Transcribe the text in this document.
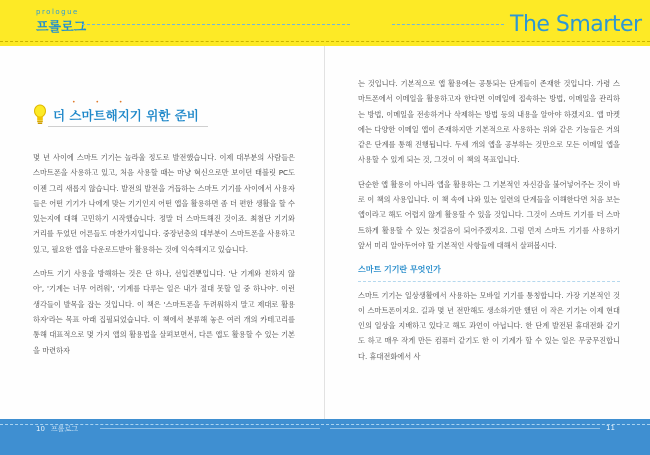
prologue
프롤로그	The Smarter
• • •
더 스마트해지기 위한 준비

몇 년 사이에 스마트 기기는 놀라울 정도로 발전했습니다. 이제 대부분의 사람들은 스마트폰을 사용하고 있고, 처음 사용할 때는 마냥 혁신으로만 보이던 태블릿 PC도 이젠 그리 새롭지 않습니다. 발전의 발전을 거듭하는 스마트 기기를 사이에서 사용자들은 어떤 기기가 나에게 맞는 기기인지 어떤 앱을 활용하면 좀 더 편한 생활을 할 수 있는지에 대해 고민하기 시작했습니다. 정말 더 스마트해진 것이죠. 최첨단 기기와 거리를 두었던 어른들도 마찬가지입니다. 중장년층의 대부분이 스마트폰을 사용하고 있고, 필요한 앱을 다운로드받아 활용하는 것에 익숙해지고 있습니다.

스마트 기기 사용을 방해하는 것은 단 하나, 선입견뿐입니다. '난 기계와 친하지 않아', '기계는 너무 어려워', '기계를 다루는 일은 내가 절대 못할 일 중 하나야'. 이런 생각들이 발목을 잡는 것입니다. 이 책은 '스마트폰을 두려워하지 말고 제대로 활용하자'라는 목표 아래 집필되었습니다. 이 책에서 분류해 놓은 여러 개의 카테고리를 통해 대표적으로 몇 가지 앱의 활용법을 살펴보면서, 다른 앱도 활용할 수 있는 기본을 마련하자

는 것입니다. 기본적으로 앱 활용에는 공통되는 단계들이 존재한 것입니다. 가령 스마트폰에서 이메일을 활용하고자 한다면 이메일에 접속하는 방법, 이메일을 관리하는 방법, 이메일을 전송하거나 삭제하는 방법 등의 내용을 알아야 하겠지요. 앱 마켓에는 다양한 이메일 앱이 존재하지만 기본적으로 사용하는 위와 같은 기능들은 거의 같은 단계를 통해 진행됩니다. 두세 개의 앱을 공부하는 것만으로 모든 이메일 앱을 사용할 수 있게 되는 것, 그것이 이 책의 목표입니다.

단순한 앱 활용이 아니라 앱을 활용하는 그 기본적인 자신감을 불어넣어주는 것이 바로 이 책의 사용입니다. 이 책 속에 나와 있는 일련의 단계들을 이해한다면 처음 보는 앱이라고 해도 어렵지 않게 활용할 수 있을 것입니다. 그것이 스마트 기기를 더 스마트하게 활용할 수 있는 첫걸음이 되어주겠지요. 그럼 먼저 스마트 기기를 사용하기 앞서 미리 알아두어야 할 기본적인 사항들에 대해서 살펴봅시다.

스마트 기기란 무엇인가

스마트 기기는 일상생활에서 사용하는 모바일 기기를 통칭합니다. 가장 기본적인 것이 스마트폰이지요. 길과 몇 년 전만해도 생소하기만 했던 이 작은 기기는 이제 현대인의 일상을 지배하고 있다고 해도 과언이 아닙니다. 한 단계 발전된 휴대전화 같기도 하고 매우 작게 만든 컴퓨터 같기도 한 이 기계가 할 수 있는 일은 무궁무진합니다. 휴대전화에서 사

10 프롤로그	11
